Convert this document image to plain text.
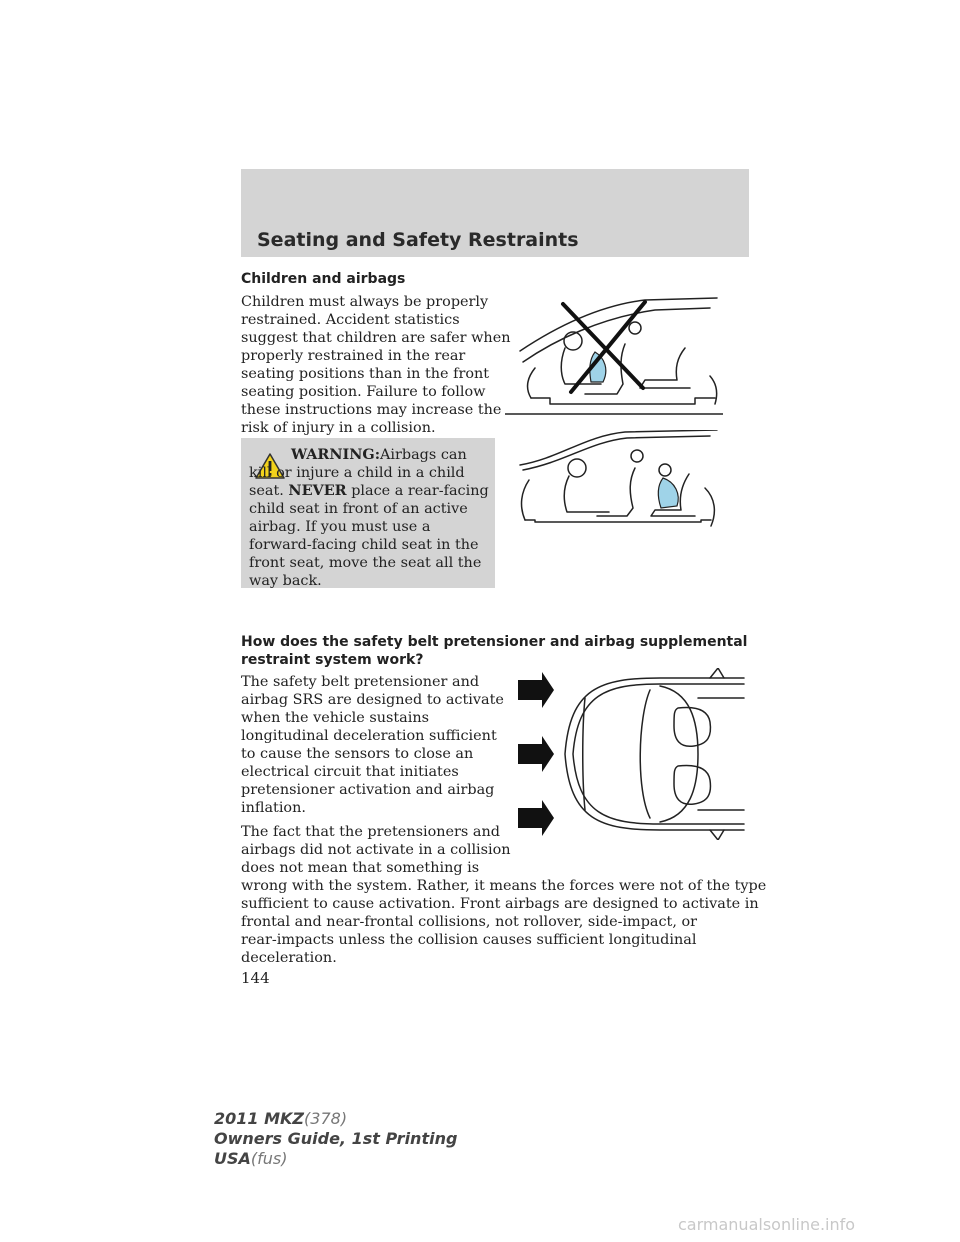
Seating and Safety Restraints
Children and airbags

Children must always be properly

restrained. Accident statistics

suggest that children are safer when

properly restrained in the rear

seating positions than in the front

seating position. Failure to follow

these instructions may increase the

risk of injury in a collision.

WARNING:Airbags can kill or injure a child in a child seat. NEVER place a rear-facing child seat in front of an active airbag. If you must use a forward-facing child seat in the front seat, move the seat all the way back.

How does the safety belt pretensioner and airbag supplemental
restraint system work?

The safety belt pretensioner and

airbag SRS are designed to activate

when the vehicle sustains

longitudinal deceleration sufficient

to cause the sensors to close an

electrical circuit that initiates

pretensioner activation and airbag

inflation.

The fact that the pretensioners and

airbags did not activate in a collision

does not mean that something is

wrong with the system. Rather, it means the forces were not of the type

sufficient to cause activation. Front airbags are designed to activate in

frontal and near-frontal collisions, not rollover, side-impact, or

rear-impacts unless the collision causes sufficient longitudinal

deceleration.

144

2011 MKZ(378)
Owners Guide, 1st Printing
USA(fus)

carmanualsonline.info
